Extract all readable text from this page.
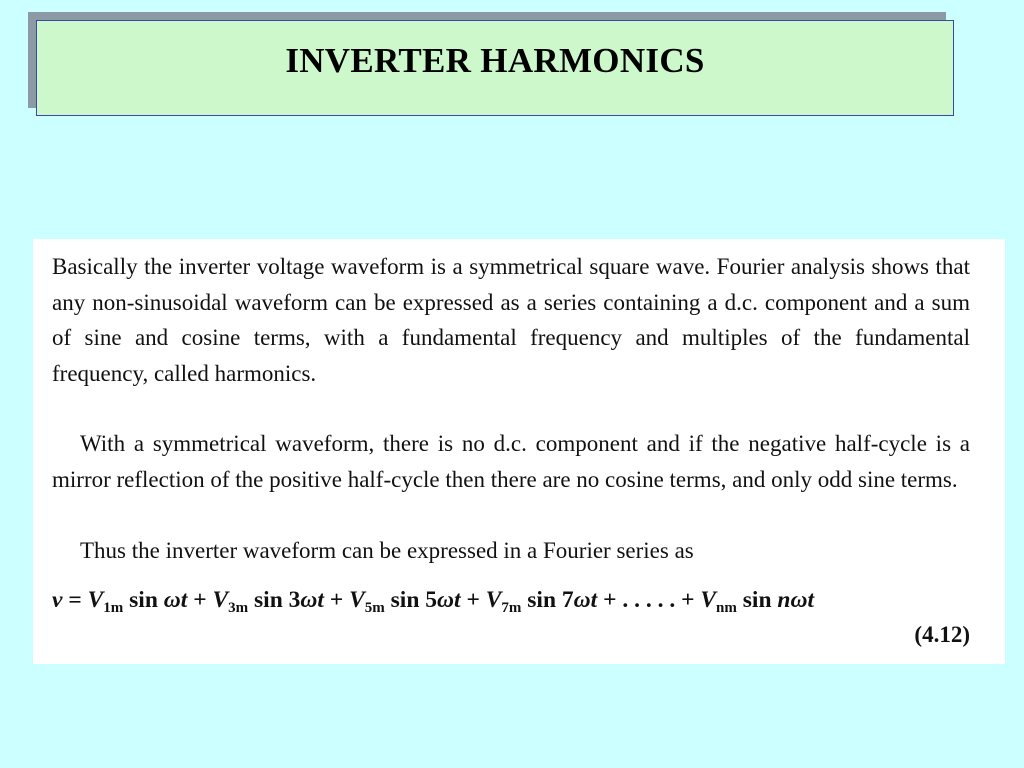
INVERTER HARMONICS
Basically the inverter voltage waveform is a symmetrical square wave. Fourier analysis shows that any non-sinusoidal waveform can be expressed as a series containing a d.c. component and a sum of sine and cosine terms, with a fundamental frequency and multiples of the fundamental frequency, called harmonics.
With a symmetrical waveform, there is no d.c. component and if the negative half-cycle is a mirror reflection of the positive half-cycle then there are no cosine terms, and only odd sine terms.
Thus the inverter waveform can be expressed in a Fourier series as
$v = V_{1m}$ $\sin \omega t + V_{3m}$ $\sin 3\omega t + V_{5m}$ $\sin 5\omega t + V_{7m}$ sin 7ωt + . . . . . + $V_{nm}$ sin nωt
(4.12)
